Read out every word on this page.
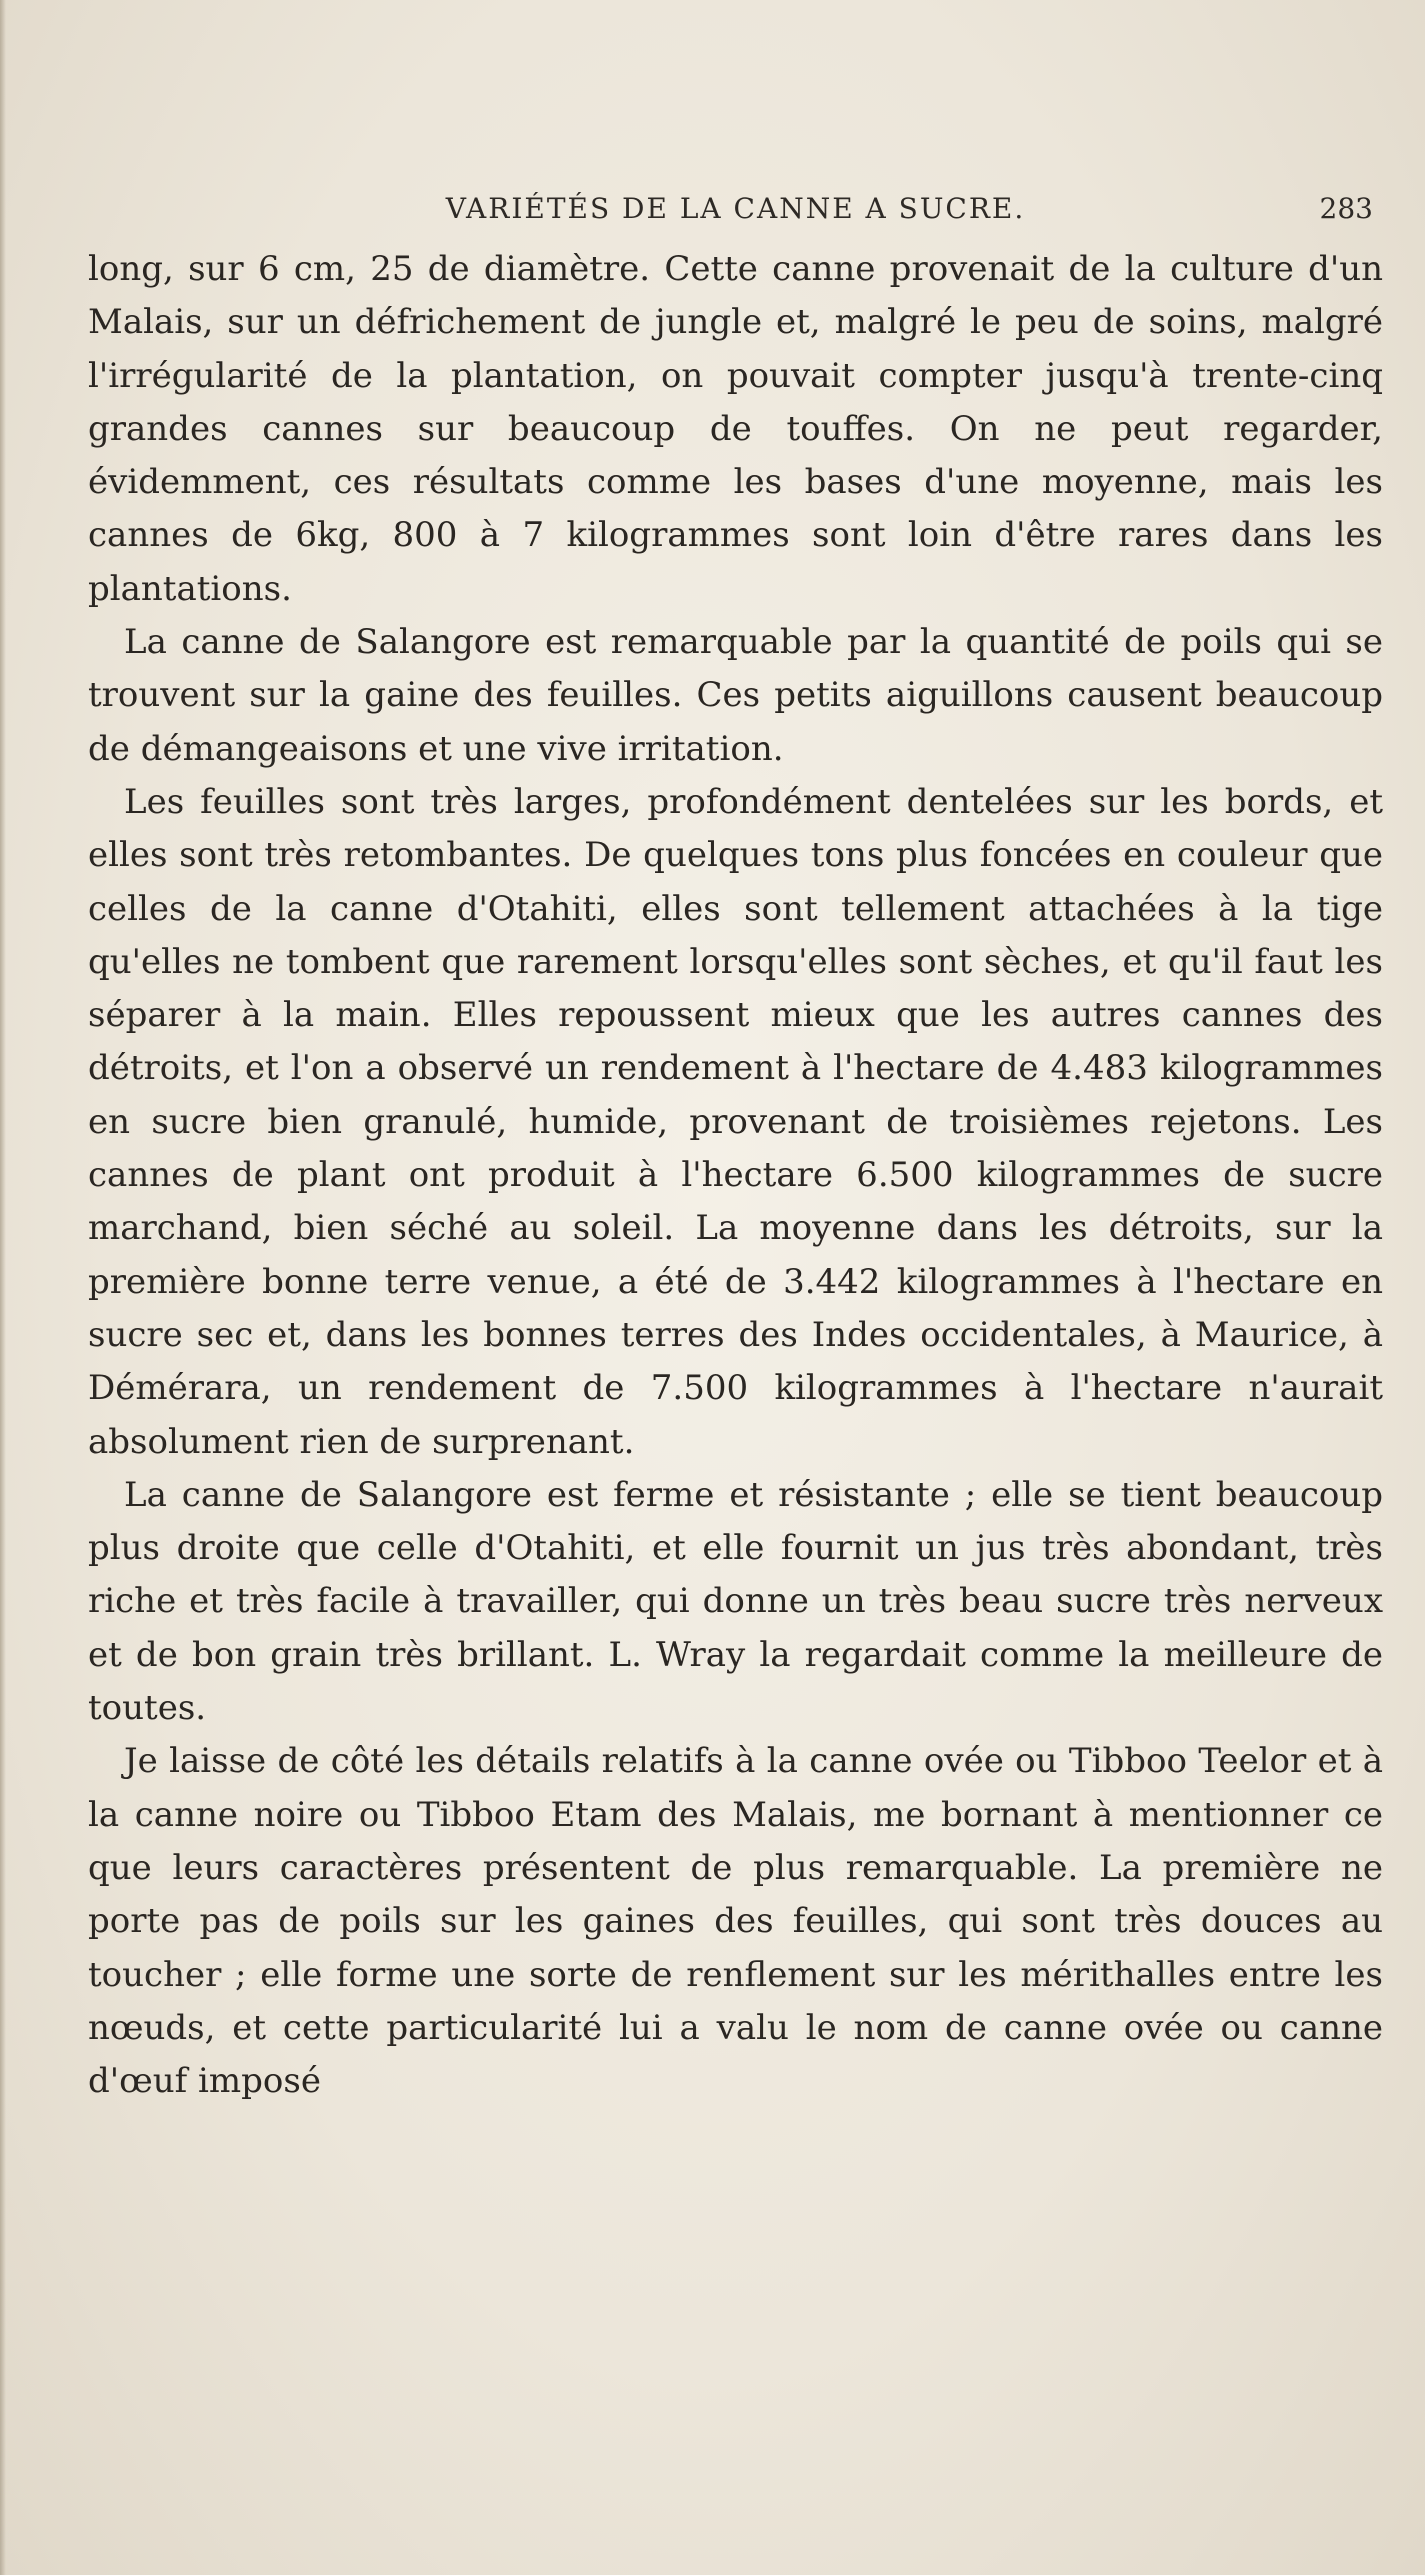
VARIÉTÉS DE LA CANNE A SUCRE.	283

long, sur 6 cm, 25 de diamètre. Cette canne provenait de la culture d'un Malais, sur un défrichement de jungle et, malgré le peu de soins, malgré l'irrégularité de la plantation, on pouvait compter jusqu'à trente-cinq grandes cannes sur beaucoup de touffes. On ne peut regarder, évidemment, ces résultats comme les bases d'une moyenne, mais les cannes de 6kg, 800 à 7 kilogrammes sont loin d'être rares dans les plantations.

La canne de Salangore est remarquable par la quantité de poils qui se trouvent sur la gaine des feuilles. Ces petits aiguillons causent beaucoup de démangeaisons et une vive irritation.

Les feuilles sont très larges, profondément dentelées sur les bords, et elles sont très retombantes. De quelques tons plus foncées en couleur que celles de la canne d'Otahiti, elles sont tellement attachées à la tige qu'elles ne tombent que rarement lorsqu'elles sont sèches, et qu'il faut les séparer à la main. Elles repoussent mieux que les autres cannes des détroits, et l'on a observé un rendement à l'hectare de 4.483 kilogrammes en sucre bien granulé, humide, provenant de troisièmes rejetons. Les cannes de plant ont produit à l'hectare 6.500 kilogrammes de sucre marchand, bien séché au soleil. La moyenne dans les détroits, sur la première bonne terre venue, a été de 3.442 kilogrammes à l'hectare en sucre sec et, dans les bonnes terres des Indes occidentales, à Maurice, à Démérara, un rendement de 7.500 kilogrammes à l'hectare n'aurait absolument rien de surprenant.

La canne de Salangore est ferme et résistante ; elle se tient beaucoup plus droite que celle d'Otahiti, et elle fournit un jus très abondant, très riche et très facile à travailler, qui donne un très beau sucre très nerveux et de bon grain très brillant. L. Wray la regardait comme la meilleure de toutes.

Je laisse de côté les détails relatifs à la canne ovée ou Tibboo Teelor et à la canne noire ou Tibboo Etam des Malais, me bornant à mentionner ce que leurs caractères présentent de plus remarquable. La première ne porte pas de poils sur les gaines des feuilles, qui sont très douces au toucher ; elle forme une sorte de renflement sur les mérithalles entre les nœuds, et cette particularité lui a valu le nom de canne ovée ou canne d'œuf imposé
